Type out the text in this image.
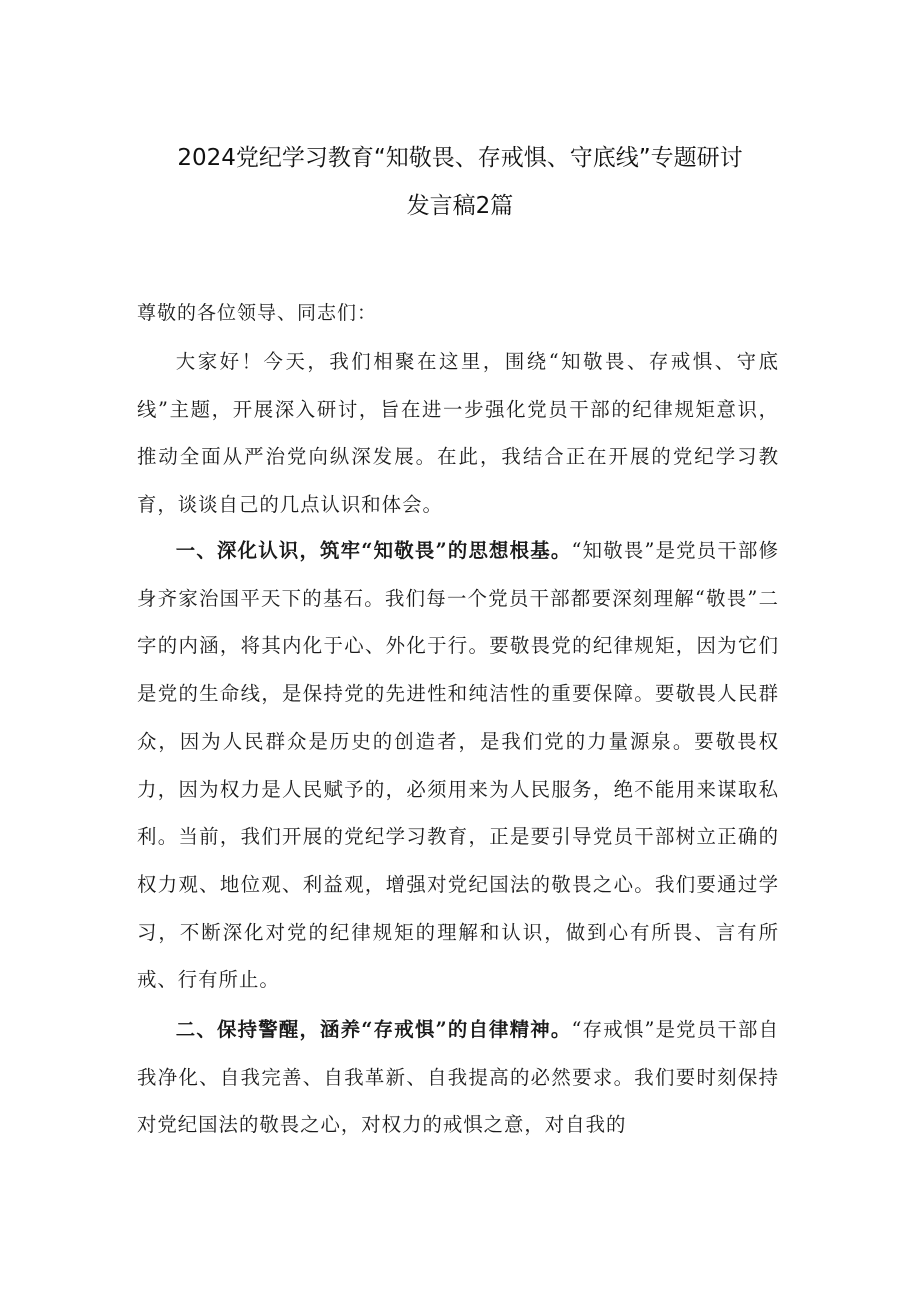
2024党纪学习教育“知敬畏、存戒惧、守底线”专题研讨
发言稿2篇
尊敬的各位领导、同志们：

大家好！今天，我们相聚在这里，围绕“知敬畏、存戒惧、守底线”主题，开展深入研讨，旨在进一步强化党员干部的纪律规矩意识，推动全面从严治党向纵深发展。在此，我结合正在开展的党纪学习教育，谈谈自己的几点认识和体会。

一、深化认识，筑牢“知敬畏”的思想根基。“知敬畏”是党员干部修身齐家治国平天下的基石。我们每一个党员干部都要深刻理解“敬畏”二字的内涵，将其内化于心、外化于行。要敬畏党的纪律规矩，因为它们是党的生命线，是保持党的先进性和纯洁性的重要保障。要敬畏人民群众，因为人民群众是历史的创造者，是我们党的力量源泉。要敬畏权力，因为权力是人民赋予的，必须用来为人民服务，绝不能用来谋取私利。当前，我们开展的党纪学习教育，正是要引导党员干部树立正确的权力观、地位观、利益观，增强对党纪国法的敬畏之心。我们要通过学习，不断深化对党的纪律规矩的理解和认识，做到心有所畏、言有所戒、行有所止。

二、保持警醒，涵养“存戒惧”的自律精神。“存戒惧”是党员干部自我净化、自我完善、自我革新、自我提高的必然要求。我们要时刻保持对党纪国法的敬畏之心，对权力的戒惧之意，对自我的
